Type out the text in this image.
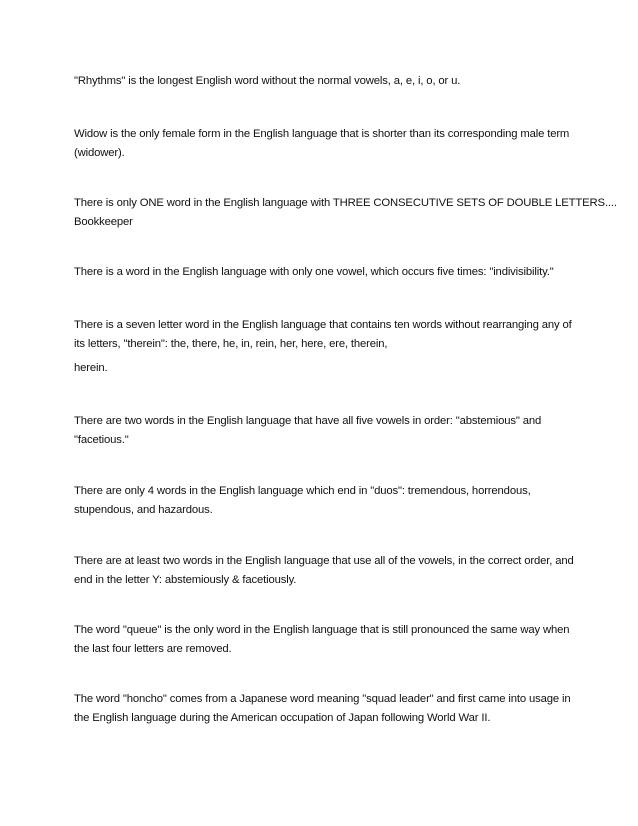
"Rhythms" is the longest English word without the normal vowels, a, e, i, o, or u.
Widow is the only female form in the English language that is shorter than its corresponding male term
(widower).
There is only ONE word in the English language with THREE CONSECUTIVE SETS OF DOUBLE LETTERS....
Bookkeeper
There is a word in the English language with only one vowel, which occurs five times: "indivisibility."
There is a seven letter word in the English language that contains ten words without rearranging any of
its letters, "therein": the, there, he, in, rein, her, here, ere, therein,
herein.
There are two words in the English language that have all five vowels in order: "abstemious" and
"facetious."
There are only 4 words in the English language which end in "duos": tremendous, horrendous,
stupendous, and hazardous.
There are at least two words in the English language that use all of the vowels, in the correct order, and
end in the letter Y: abstemiously & facetiously.
The word "queue" is the only word in the English language that is still pronounced the same way when
the last four letters are removed.
The word "honcho" comes from a Japanese word meaning "squad leader" and first came into usage in
the English language during the American occupation of Japan following World War II.
